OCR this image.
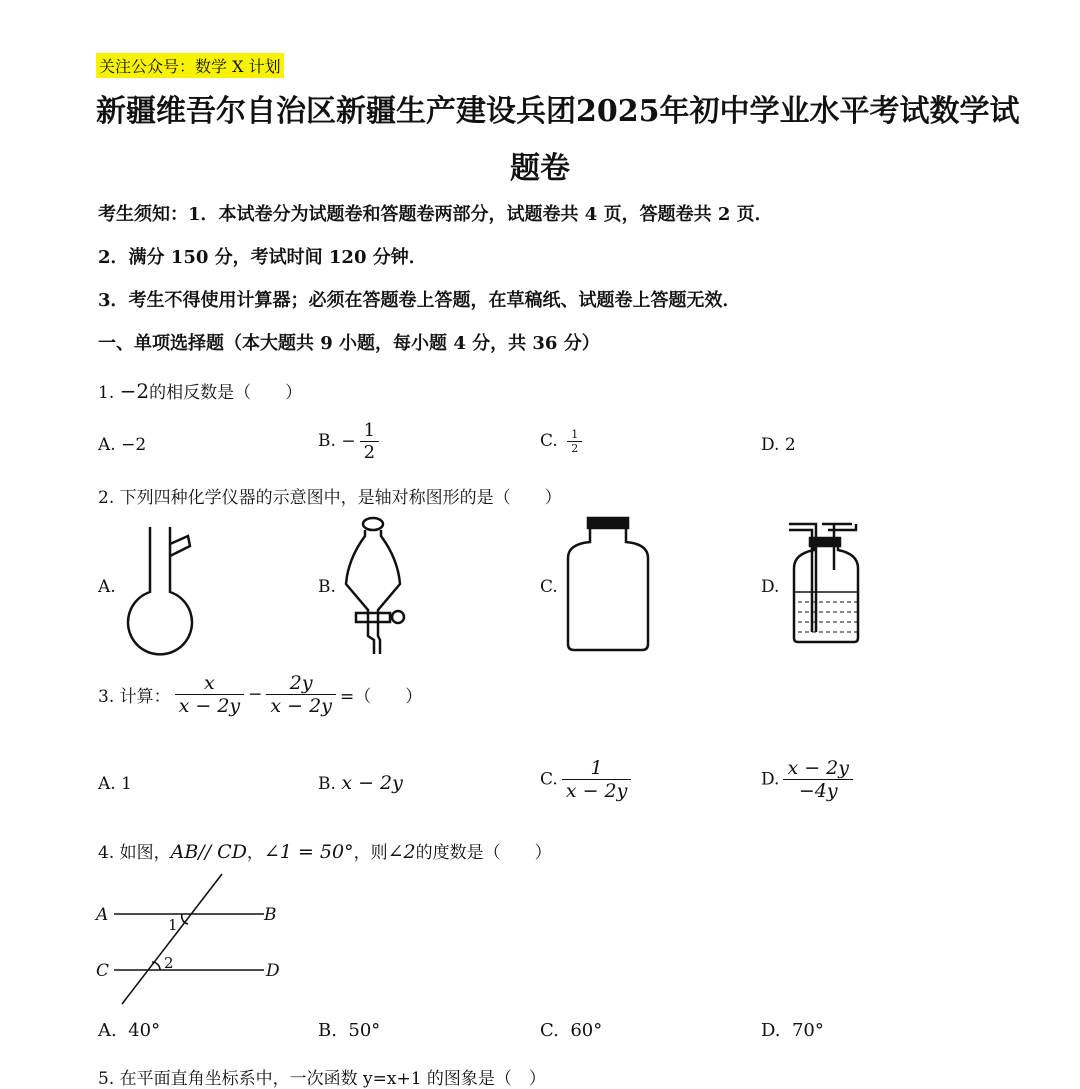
关注公众号：数学 X 计划
新疆维吾尔自治区新疆生产建设兵团2025年初中学业水平考试数学试
题卷
考生须知：1．本试卷分为试题卷和答题卷两部分，试题卷共 4 页，答题卷共 2 页．
2．满分 150 分，考试时间 120 分钟．
3．考生不得使用计算器；必须在答题卷上答题，在草稿纸、试题卷上答题无效．
一、单项选择题（本大题共 9 小题，每小题 4 分，共 36 分）
1. −2的相反数是（　　）
A. −2	B. − $\frac{1}{2}$	C. $\frac{1}{2}$	D. 2
2. 下列四种化学仪器的示意图中，是轴对称图形的是（　　）
A.	B.	C.	D.
3. 计算： $\frac{x}{x - 2y} - \frac{2y}{x - 2y}$ =（　　）
A. 1	B. x − 2y	C. $\frac{1}{x - 2y}$	D. $\frac{x - 2y}{-4y}$
4. 如图，AB// CD，∠1 = 50°，则∠2的度数是（　　）
A	B
C	D
1
2
A. 40°	B. 50°	C. 60°	D. 70°
5. 在平面直角坐标系中，一次函数 y=x+1 的图象是（　）
